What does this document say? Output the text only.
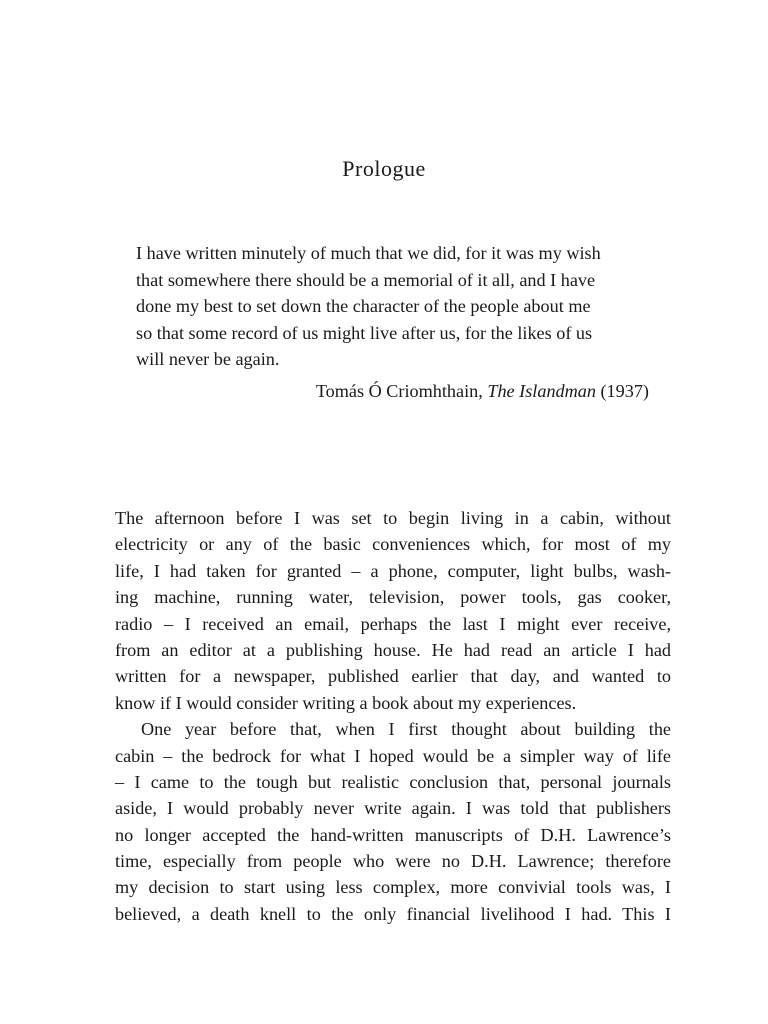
Prologue

I have written minutely of much that we did, for it was my wish
that somewhere there should be a memorial of it all, and I have
done my best to set down the character of the people about me
so that some record of us might live after us, for the likes of us
will never be again.

Tomás Ó Criomhthain, The Islandman (1937)
The afternoon before I was set to begin living in a cabin, without
electricity or any of the basic conveniences which, for most of my
life, I had taken for granted – a phone, computer, light bulbs, wash-
ing machine, running water, television, power tools, gas cooker,
radio – I received an email, perhaps the last I might ever receive,
from an editor at a publishing house. He had read an article I had
written for a newspaper, published earlier that day, and wanted to
know if I would consider writing a book about my experiences.
One year before that, when I first thought about building the
cabin – the bedrock for what I hoped would be a simpler way of life
– I came to the tough but realistic conclusion that, personal journals
aside, I would probably never write again. I was told that publishers
no longer accepted the hand-written manuscripts of D.H. Lawrence’s
time, especially from people who were no D.H. Lawrence; therefore
my decision to start using less complex, more convivial tools was, I
believed, a death knell to the only financial livelihood I had. This I
